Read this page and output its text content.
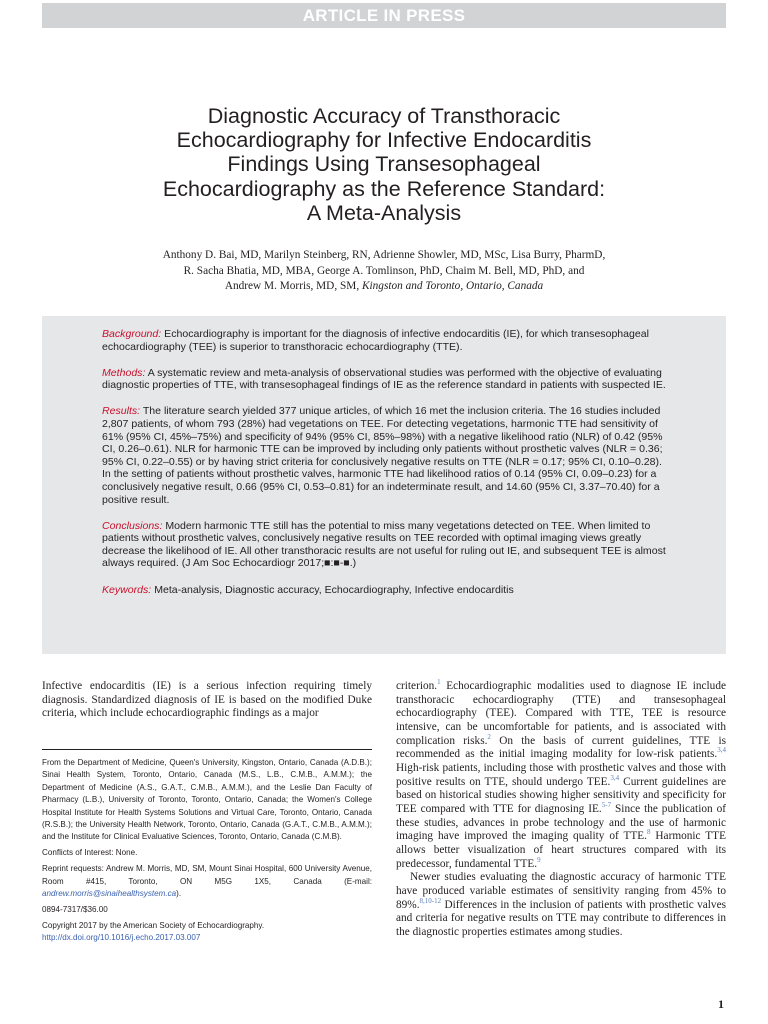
ARTICLE IN PRESS
Diagnostic Accuracy of Transthoracic
Echocardiography for Infective Endocarditis
Findings Using Transesophageal
Echocardiography as the Reference Standard:
A Meta-Analysis
Anthony D. Bai, MD, Marilyn Steinberg, RN, Adrienne Showler, MD, MSc, Lisa Burry, PharmD,
R. Sacha Bhatia, MD, MBA, George A. Tomlinson, PhD, Chaim M. Bell, MD, PhD, and
Andrew M. Morris, MD, SM, Kingston and Toronto, Ontario, Canada

Background: Echocardiography is important for the diagnosis of infective endocarditis (IE), for which transesophageal echocardiography (TEE) is superior to transthoracic echocardiography (TTE).

Methods: A systematic review and meta-analysis of observational studies was performed with the objective of evaluating diagnostic properties of TTE, with transesophageal findings of IE as the reference standard in patients with suspected IE.

Results: The literature search yielded 377 unique articles, of which 16 met the inclusion criteria. The 16 studies included 2,807 patients, of whom 793 (28%) had vegetations on TEE. For detecting vegetations, harmonic TTE had sensitivity of 61% (95% CI, 45%–75%) and specificity of 94% (95% CI, 85%–98%) with a negative likelihood ratio (NLR) of 0.42 (95% CI, 0.26–0.61). NLR for harmonic TTE can be improved by including only patients without prosthetic valves (NLR = 0.36; 95% CI, 0.22–0.55) or by having strict criteria for conclusively negative results on TTE (NLR = 0.17; 95% CI, 0.10–0.28). In the setting of patients without prosthetic valves, harmonic TTE had likelihood ratios of 0.14 (95% CI, 0.09–0.23) for a conclusively negative result, 0.66 (95% CI, 0.53–0.81) for an indeterminate result, and 14.60 (95% CI, 3.37–70.40) for a positive result.

Conclusions: Modern harmonic TTE still has the potential to miss many vegetations detected on TEE. When limited to patients without prosthetic valves, conclusively negative results on TEE recorded with optimal imaging views greatly decrease the likelihood of IE. All other transthoracic results are not useful for ruling out IE, and subsequent TEE is almost always required. (J Am Soc Echocardiogr 2017;■:■-■.)

Keywords: Meta-analysis, Diagnostic accuracy, Echocardiography, Infective endocarditis

Infective endocarditis (IE) is a serious infection requiring timely diagnosis. Standardized diagnosis of IE is based on the modified Duke criteria, which include echocardiographic findings as a major

From the Department of Medicine, Queen's University, Kingston, Ontario, Canada (A.D.B.); Sinai Health System, Toronto, Ontario, Canada (M.S., L.B., C.M.B., A.M.M.); the Department of Medicine (A.S., G.A.T., C.M.B., A.M.M.), and the Leslie Dan Faculty of Pharmacy (L.B.), University of Toronto, Toronto, Ontario, Canada; the Women's College Hospital Institute for Health Systems Solutions and Virtual Care, Toronto, Ontario, Canada (R.S.B.); the University Health Network, Toronto, Ontario, Canada (G.A.T., C.M.B., A.M.M.); and the Institute for Clinical Evaluative Sciences, Toronto, Ontario, Canada (C.M.B).

Conflicts of Interest: None.

Reprint requests: Andrew M. Morris, MD, SM, Mount Sinai Hospital, 600 University Avenue, Room #415, Toronto, ON M5G 1X5, Canada (E-mail: andrew.morris@sinaihealthsystem.ca).

0894-7317/$36.00

Copyright 2017 by the American Society of Echocardiography.
http://dx.doi.org/10.1016/j.echo.2017.03.007

criterion.$^1$ Echocardiographic modalities used to diagnose IE include transthoracic echocardiography (TTE) and transesophageal echocardiography (TEE). Compared with TTE, TEE is resource intensive, can be uncomfortable for patients, and is associated with complication risks.$^2$ On the basis of current guidelines, TTE is recommended as the initial imaging modality for low-risk patients.$^{3,4}$ High-risk patients, including those with prosthetic valves and those with positive results on TTE, should undergo TEE.$^{3,4}$ Current guidelines are based on historical studies showing higher sensitivity and specificity for TEE compared with TTE for diagnosing IE.$^{5-7}$ Since the publication of these studies, advances in probe technology and the use of harmonic imaging have improved the imaging quality of TTE.$^8$ Harmonic TTE allows better visualization of heart structures compared with its predecessor, fundamental TTE.$^9$

Newer studies evaluating the diagnostic accuracy of harmonic TTE have produced variable estimates of sensitivity ranging from 45% to 89%.$^{8,10-12}$ Differences in the inclusion of patients with prosthetic valves and criteria for negative results on TTE may contribute to differences in the diagnostic properties estimates among studies.

1
